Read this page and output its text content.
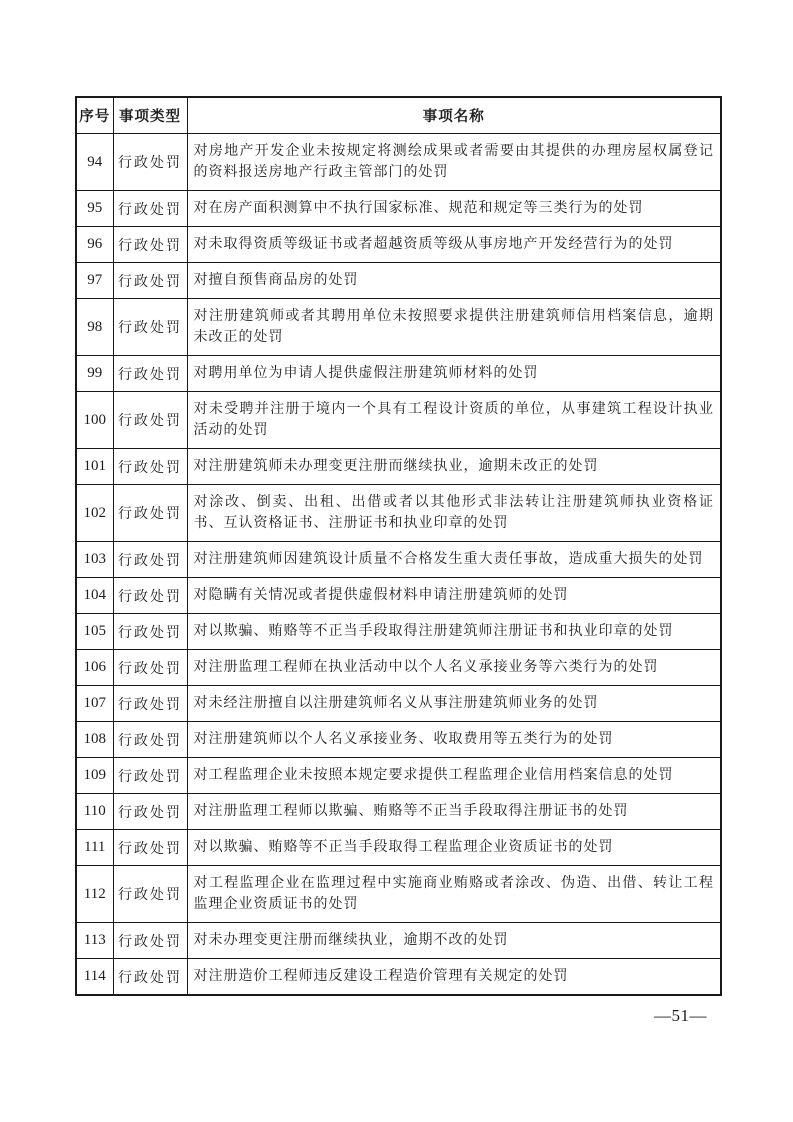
序号	事项类型	事项名称
94	行政处罚	对房地产开发企业未按规定将测绘成果或者需要由其提供的办理房屋权属登记的资料报送房地产行政主管部门的处罚
95	行政处罚	对在房产面积测算中不执行国家标准、规范和规定等三类行为的处罚
96	行政处罚	对未取得资质等级证书或者超越资质等级从事房地产开发经营行为的处罚
97	行政处罚	对擅自预售商品房的处罚
98	行政处罚	对注册建筑师或者其聘用单位未按照要求提供注册建筑师信用档案信息，逾期未改正的处罚
99	行政处罚	对聘用单位为申请人提供虚假注册建筑师材料的处罚
100	行政处罚	对未受聘并注册于境内一个具有工程设计资质的单位，从事建筑工程设计执业活动的处罚
101	行政处罚	对注册建筑师未办理变更注册而继续执业，逾期未改正的处罚
102	行政处罚	对涂改、倒卖、出租、出借或者以其他形式非法转让注册建筑师执业资格证书、互认资格证书、注册证书和执业印章的处罚
103	行政处罚	对注册建筑师因建筑设计质量不合格发生重大责任事故，造成重大损失的处罚
104	行政处罚	对隐瞒有关情况或者提供虚假材料申请注册建筑师的处罚
105	行政处罚	对以欺骗、贿赂等不正当手段取得注册建筑师注册证书和执业印章的处罚
106	行政处罚	对注册监理工程师在执业活动中以个人名义承接业务等六类行为的处罚
107	行政处罚	对未经注册擅自以注册建筑师名义从事注册建筑师业务的处罚
108	行政处罚	对注册建筑师以个人名义承接业务、收取费用等五类行为的处罚
109	行政处罚	对工程监理企业未按照本规定要求提供工程监理企业信用档案信息的处罚
110	行政处罚	对注册监理工程师以欺骗、贿赂等不正当手段取得注册证书的处罚
111	行政处罚	对以欺骗、贿赂等不正当手段取得工程监理企业资质证书的处罚
112	行政处罚	对工程监理企业在监理过程中实施商业贿赂或者涂改、伪造、出借、转让工程监理企业资质证书的处罚
113	行政处罚	对未办理变更注册而继续执业，逾期不改的处罚
114	行政处罚	对注册造价工程师违反建设工程造价管理有关规定的处罚
—51—
